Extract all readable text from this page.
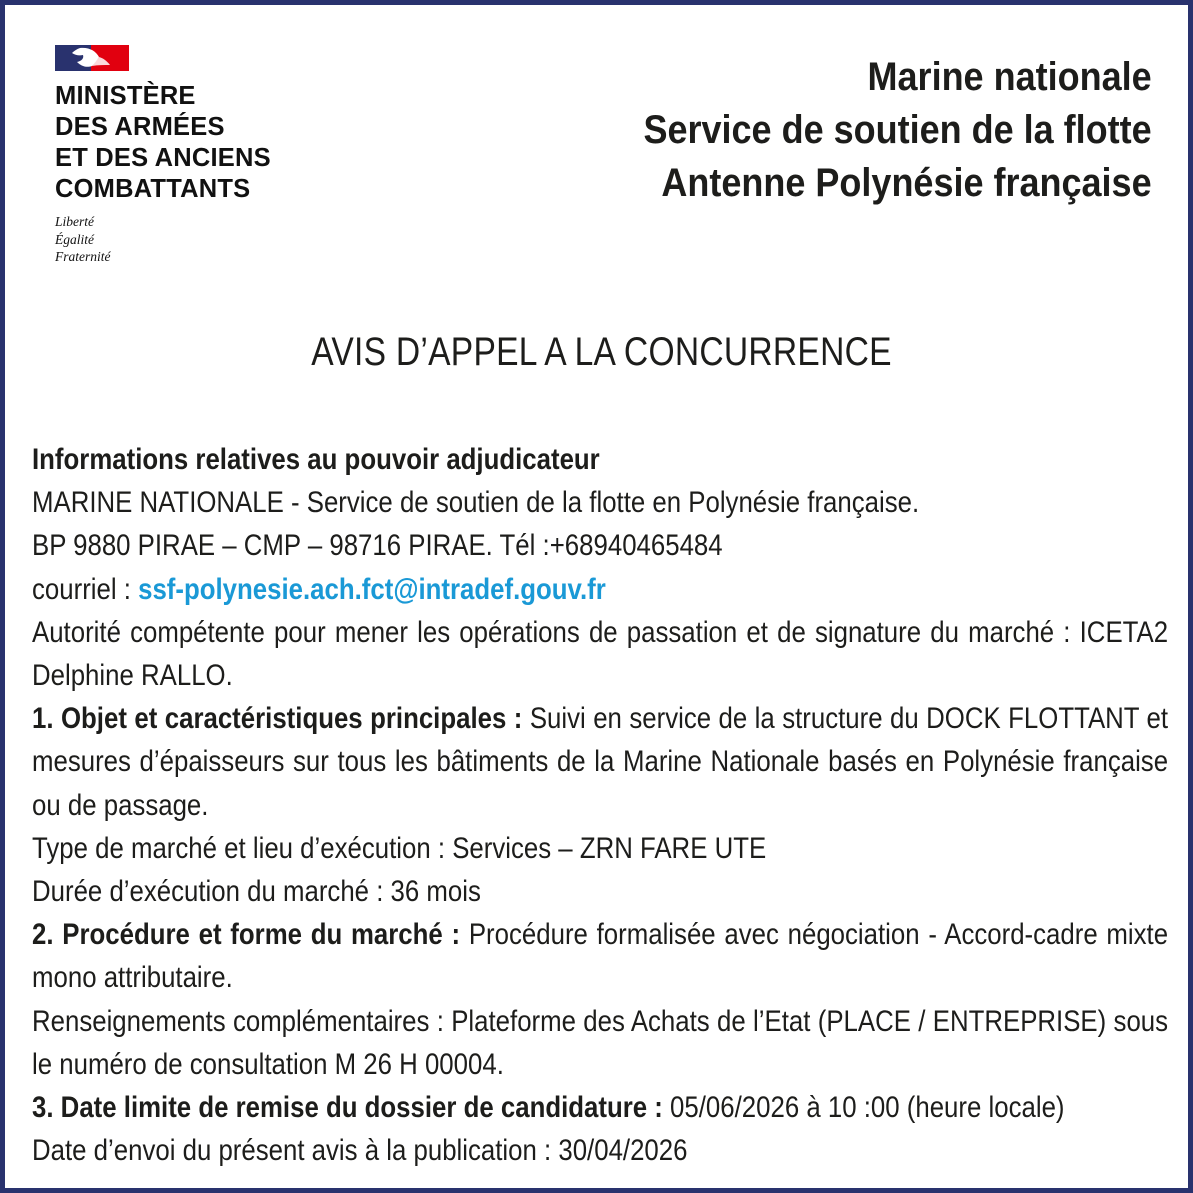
MINISTÈRE
DES ARMÉES
ET DES ANCIENS
COMBATTANTS
Liberté
Égalité
Fraternité
Marine nationale
Service de soutien de la flotte
Antenne Polynésie française
AVIS D’APPEL A LA CONCURRENCE

Informations relatives au pouvoir adjudicateur

MARINE NATIONALE - Service de soutien de la flotte en Polynésie française.

BP 9880 PIRAE – CMP – 98716 PIRAE. Tél :+68940465484

courriel : ssf-polynesie.ach.fct@intradef.gouv.fr

Autorité compétente pour mener les opérations de passation et de signature du marché : ICETA2 Delphine RALLO.

1. Objet et caractéristiques principales : Suivi en service de la structure du DOCK FLOTTANT et mesures d’épaisseurs sur tous les bâtiments de la Marine Nationale basés en Polynésie française ou de passage.

Type de marché et lieu d’exécution : Services – ZRN FARE UTE

Durée d’exécution du marché : 36 mois

2. Procédure et forme du marché : Procédure formalisée avec négociation - Accord-cadre mixte mono attributaire.

Renseignements complémentaires : Plateforme des Achats de l’Etat (PLACE / ENTREPRISE) sous le numéro de consultation M 26 H 00004.

3. Date limite de remise du dossier de candidature : 05/06/2026 à 10 :00 (heure locale)

Date d’envoi du présent avis à la publication : 30/04/2026
